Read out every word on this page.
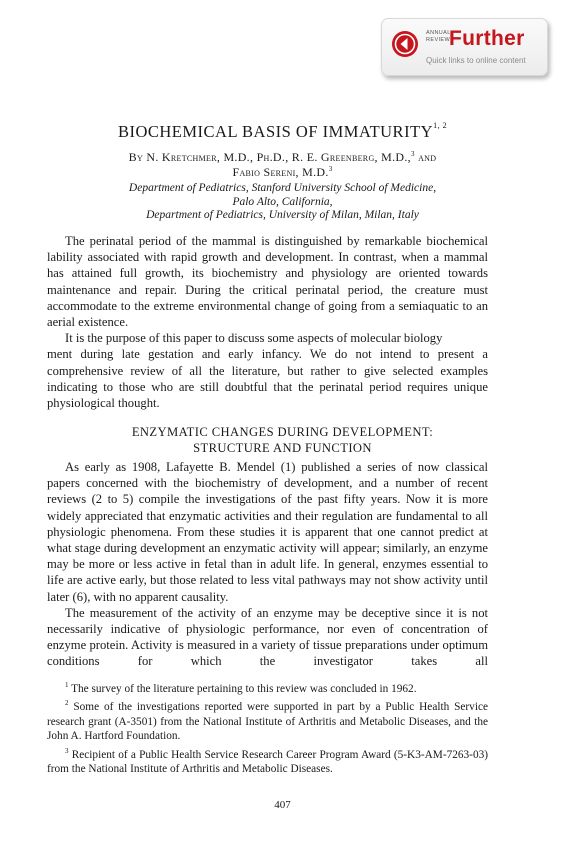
ANNUAL
REVIEWS
Further
Quick links to online content
BIOCHEMICAL BASIS OF IMMATURITY$^{1, 2}$
By N. Kretchmer, M.D., Ph.D., R. E. Greenberg, M.D.,$^3$ and
Fabio Sereni, M.D.$^3$
Department of Pediatrics, Stanford University School of Medicine,
Palo Alto, California,
Department of Pediatrics, University of Milan, Milan, Italy

The perinatal period of the mammal is distinguished by remarkable biochemical lability associated with rapid growth and development. In contrast, when a mammal has attained full growth, its biochemistry and physiology are oriented towards maintenance and repair. During the critical perinatal period, the creature must accommodate to the extreme environmental change of going from a semiaquatic to an aerial existence.

It is the purpose of this paper to discuss some aspects of molecular biology

ment during late gestation and early infancy. We do not intend to present a comprehensive review of all the literature, but rather to give selected examples indicating to those who are still doubtful that the perinatal period requires unique physiological thought.

ENZYMATIC CHANGES DURING DEVELOPMENT:
STRUCTURE AND FUNCTION

As early as 1908, Lafayette B. Mendel (1) published a series of now classical papers concerned with the biochemistry of development, and a number of recent reviews (2 to 5) compile the investigations of the past fifty years. Now it is more widely appreciated that enzymatic activities and their regulation are fundamental to all physiologic phenomena. From these studies it is apparent that one cannot predict at what stage during development an enzymatic activity will appear; similarly, an enzyme may be more or less active in fetal than in adult life. In general, enzymes essential to life are active early, but those related to less vital pathways may not show activity until later (6), with no apparent causality.

The measurement of the activity of an enzyme may be deceptive since it is not necessarily indicative of physiologic performance, nor even of concentration of enzyme protein. Activity is measured in a variety of tissue preparations under optimum conditions for which the investigator takes all

$^1$ The survey of the literature pertaining to this review was concluded in 1962.

$^2$ Some of the investigations reported were supported in part by a Public Health Service research grant (A-3501) from the National Institute of Arthritis and Metabolic Diseases, and the John A. Hartford Foundation.

$^3$ Recipient of a Public Health Service Research Career Program Award (5-K3-AM-7263-03) from the National Institute of Arthritis and Metabolic Diseases.

407
